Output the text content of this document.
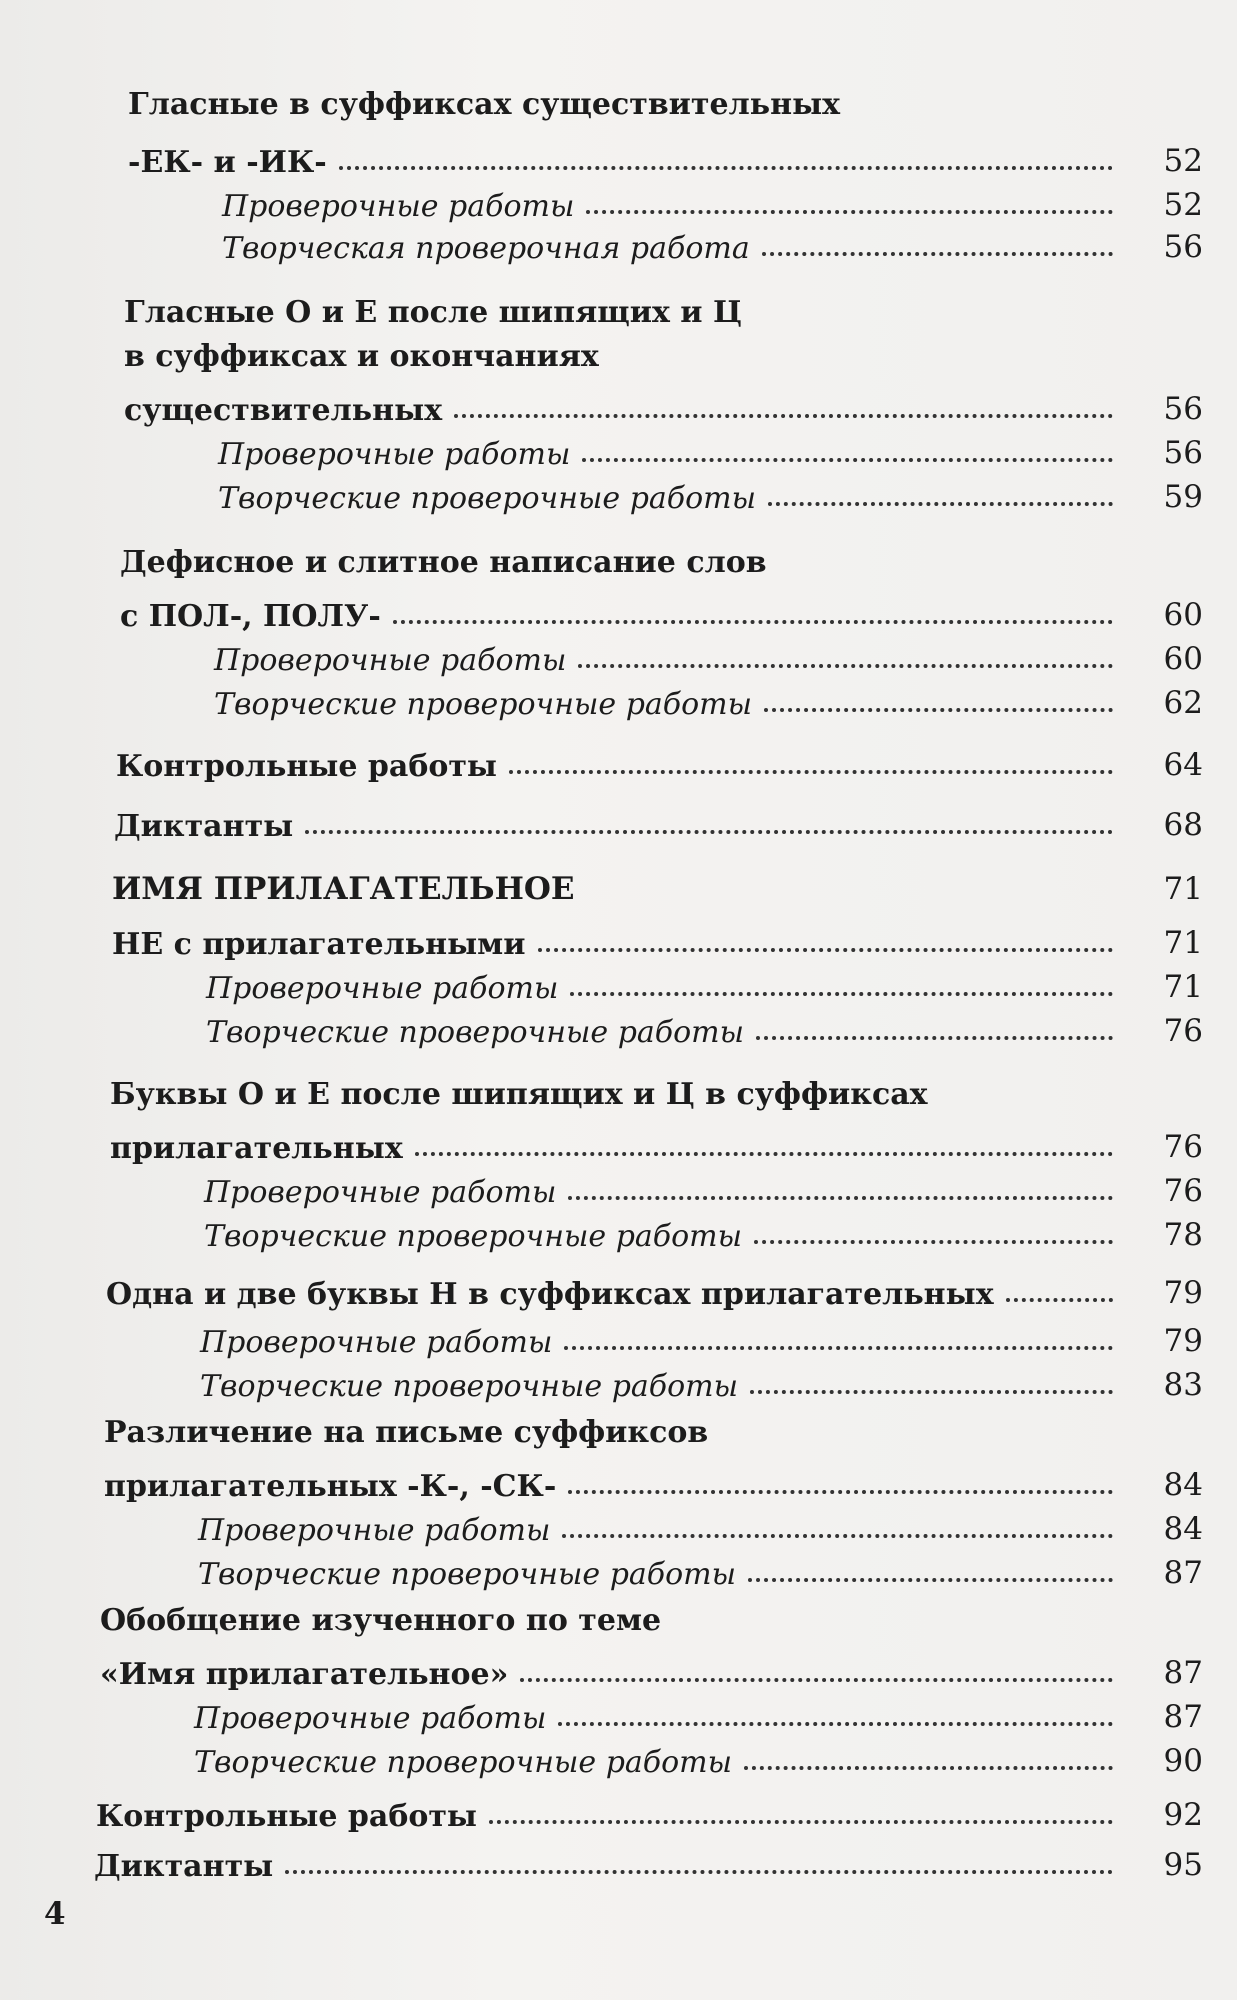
Гласные в суффиксах существительных
-ЕК- и -ИК-	52
Проверочные работы	52
Творческая проверочная работа	56
Гласные О и Е после шипящих и Ц
в суффиксах и окончаниях
существительных	56
Проверочные работы	56
Творческие проверочные работы	59
Дефисное и слитное написание слов
с ПОЛ-, ПОЛУ-	60
Проверочные работы	60
Творческие проверочные работы	62
Контрольные работы	64
Диктанты	68
ИМЯ ПРИЛАГАТЕЛЬНОЕ	71
НЕ с прилагательными	71
Проверочные работы	71
Творческие проверочные работы	76
Буквы О и Е после шипящих и Ц в суффиксах
прилагательных	76
Проверочные работы	76
Творческие проверочные работы	78
Одна и две буквы Н в суффиксах прилагательных	79
Проверочные работы	79
Творческие проверочные работы	83
Различение на письме суффиксов
прилагательных -К-, -СК-	84
Проверочные работы	84
Творческие проверочные работы	87
Обобщение изученного по теме
«Имя прилагательное»	87
Проверочные работы	87
Творческие проверочные работы	90
Контрольные работы	92
Диктанты	95
4
